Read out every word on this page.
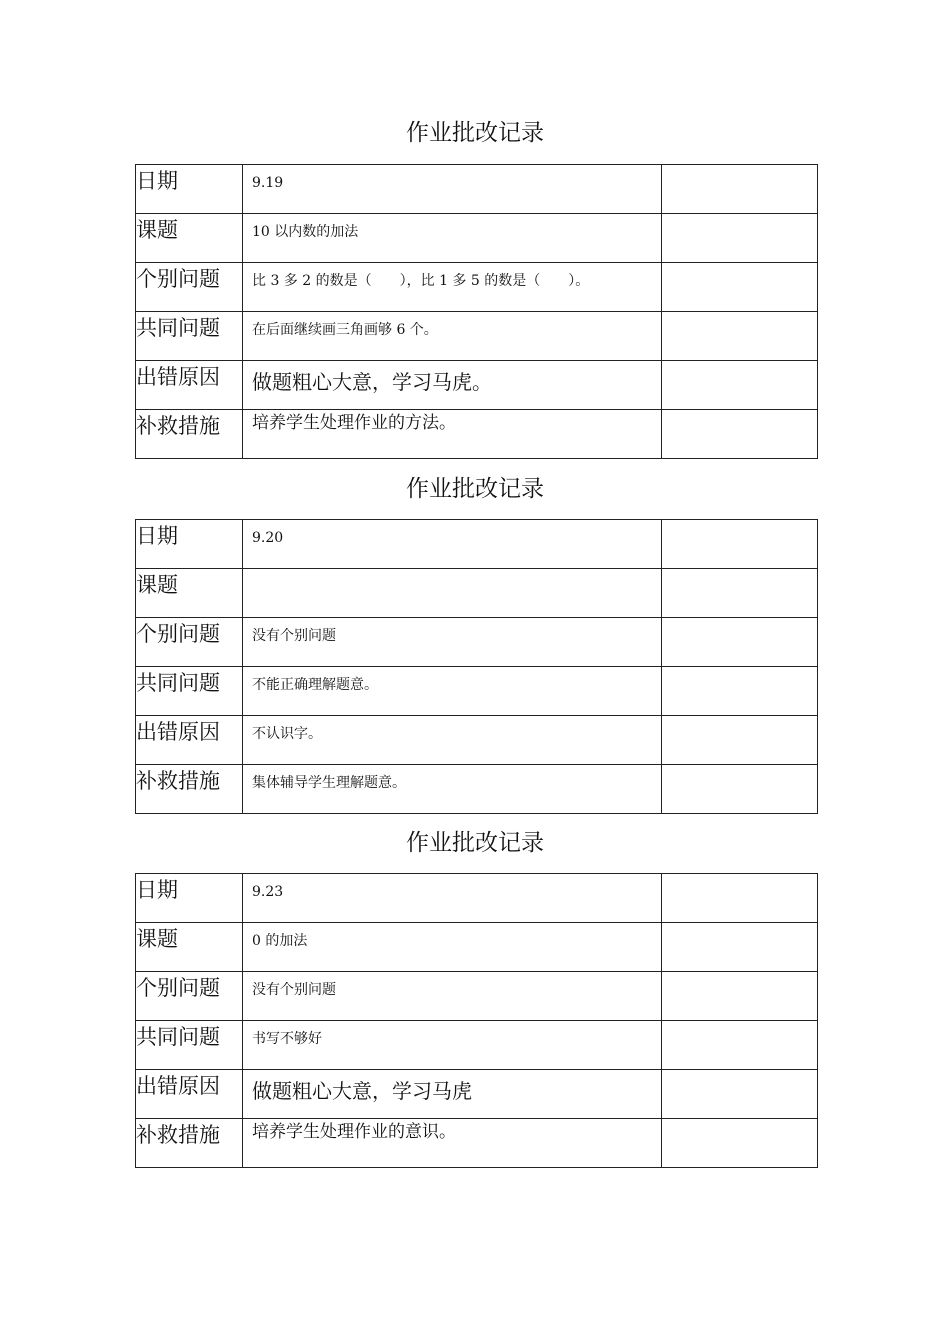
作业批改记录
日期	9.19	

课题	10 以内数的加法	

个别问题	比 3 多 2 的数是（　　），比 1 多 5 的数是（　　）。	

共同问题	在后面继续画三角画够 6 个。	

出错原因	做题粗心大意，学习马虎。	

补救措施	培养学生处理作业的方法。	

作业批改记录
日期	9.20	

课题	

个别问题	没有个别问题	

共同问题	不能正确理解题意。	

出错原因	不认识字。	

补救措施	集体辅导学生理解题意。	

作业批改记录
日期	9.23	

课题	0 的加法	

个别问题	没有个别问题	

共同问题	书写不够好	

出错原因	做题粗心大意，学习马虎	

补救措施	培养学生处理作业的意识。	
